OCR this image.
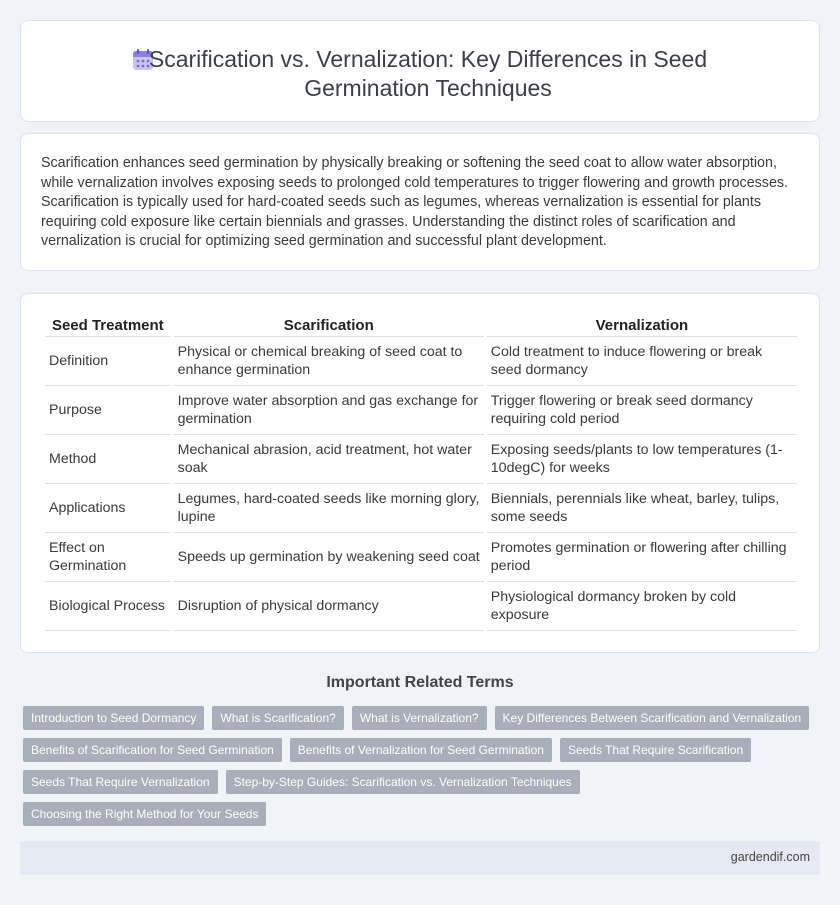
Scarification vs. Vernalization: Key Differences in Seed Germination Techniques

Scarification enhances seed germination by physically breaking or softening the seed coat to allow water absorption, while vernalization involves exposing seeds to prolonged cold temperatures to trigger flowering and growth processes. Scarification is typically used for hard-coated seeds such as legumes, whereas vernalization is essential for plants requiring cold exposure like certain biennials and grasses. Understanding the distinct roles of scarification and vernalization is crucial for optimizing seed germination and successful plant development.

Seed Treatment	Scarification	Vernalization
Definition	Physical or chemical breaking of seed coat to enhance germination	Cold treatment to induce flowering or break seed dormancy
Purpose	Improve water absorption and gas exchange for germination	Trigger flowering or break seed dormancy requiring cold period
Method	Mechanical abrasion, acid treatment, hot water soak	Exposing seeds/plants to low temperatures (1-10degC) for weeks
Applications	Legumes, hard-coated seeds like morning glory, lupine	Biennials, perennials like wheat, barley, tulips, some seeds
Effect on Germination	Speeds up germination by weakening seed coat	Promotes germination or flowering after chilling period
Biological Process	Disruption of physical dormancy	Physiological dormancy broken by cold exposure
Important Related Terms
Introduction to Seed Dormancy	What is Scarification?	What is Vernalization?	Key Differences Between Scarification and Vernalization
Benefits of Scarification for Seed Germination	Benefits of Vernalization for Seed Germination	Seeds That Require Scarification
Seeds That Require Vernalization	Step-by-Step Guides: Scarification vs. Vernalization Techniques
Choosing the Right Method for Your Seeds
gardendif.com
